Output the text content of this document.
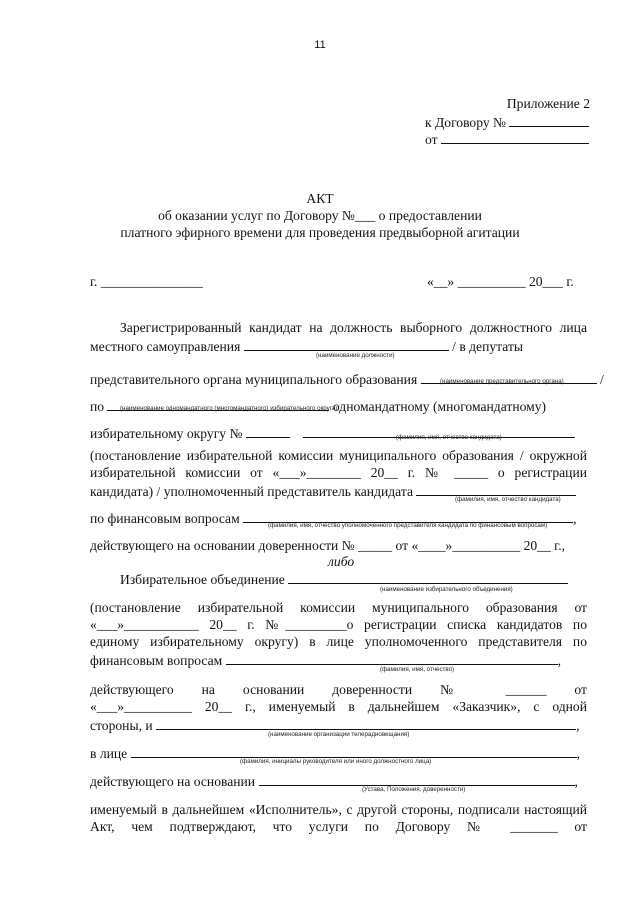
11
Приложение 2
к Договору №
от
АКТ
об оказании услуг по Договору №___ о предоставлении
платного эфирного времени для проведения предвыборной агитации
г. _______________	«__» __________ 20___ г.
Зарегистрированный кандидат на должность выборного должностного лица
местного самоуправления	/ в депутаты
(наименование должности)
представительного органа муниципального образования	/
(наименование представительного органа)
по	одномандатному (многомандатному)
(наименование одномандатного (многомандатного) избирательного округа)
избирательному округу №	(фамилия, имя, отчество кандидата)
(постановление избирательной комиссии муниципального образования / окружной
избирательной комиссии от «___»________ 20__ г. № _____ о регистрации
кандидата) / уполномоченный представитель кандидата
(фамилия, имя, отчество кандидата)
по финансовым вопросам	,
(фамилия, имя, отчество уполномоченного представителя кандидата по финансовым вопросам)
действующего на основании доверенности № _____ от «____»__________ 20__ г.,
либо
Избирательное объединение
(наименование избирательного объединения)
(постановление избирательной комиссии муниципального образования от
«___»___________ 20__ г. №_________о регистрации списка кандидатов по
единому избирательному округу) в лице уполномоченного представителя по
финансовым вопросам	,
(фамилия, имя, отчество)
действующего на основании доверенности № ______ от
«___»__________ 20__ г., именуемый в дальнейшем «Заказчик», с одной
стороны, и	,
(наименование организации телерадиовещания)
в лице	,
(фамилия, инициалы руководителя или иного должностного лица)
действующего на основании	,
(Устава, Положения, доверенности)
именуемый в дальнейшем «Исполнитель», с другой стороны, подписали настоящий
Акт, чем подтверждают, что услуги по Договору № _______ от
